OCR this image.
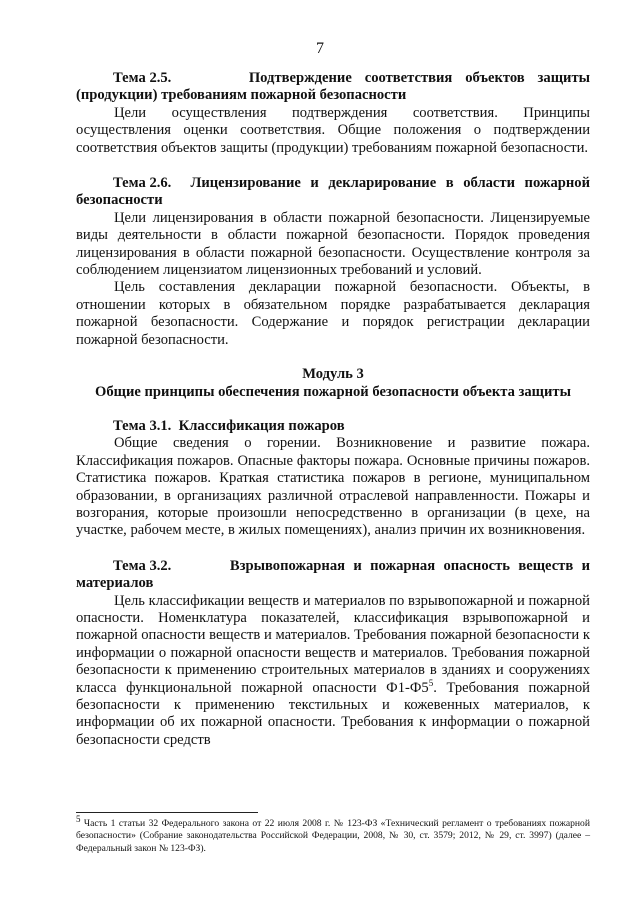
7
Тема 2.5.	Подтверждение соответствия объектов защиты (продукции) требованиям пожарной безопасности

Цели осуществления подтверждения соответствия. Принципы осуществления оценки соответствия. Общие положения о подтверждении соответствия объектов защиты (продукции) требованиям пожарной безопасности.

Тема 2.6. Лицензирование и декларирование в области пожарной безопасности

Цели лицензирования в области пожарной безопасности. Лицензируемые виды деятельности в области пожарной безопасности. Порядок проведения лицензирования в области пожарной безопасности. Осуществление контроля за соблюдением лицензиатом лицензионных требований и условий.

Цель составления декларации пожарной безопасности. Объекты, в отношении которых в обязательном порядке разрабатывается декларация пожарной безопасности. Содержание и порядок регистрации декларации пожарной безопасности.

Модуль 3

Общие принципы обеспечения пожарной безопасности объекта защиты

Тема 3.1. Классификация пожаров

Общие сведения о горении. Возникновение и развитие пожара. Классификация пожаров. Опасные факторы пожара. Основные причины пожаров. Статистика пожаров. Краткая статистика пожаров в регионе, муниципальном образовании, в организациях различной отраслевой направленности. Пожары и возгорания, которые произошли непосредственно в организации (в цехе, на участке, рабочем месте, в жилых помещениях), анализ причин их возникновения.

Тема 3.2.	Взрывопожарная и пожарная опасность веществ и материалов

Цель классификации веществ и материалов по взрывопожарной и пожарной опасности. Номенклатура показателей, классификация взрывопожарной и пожарной опасности веществ и материалов. Требования пожарной безопасности к информации о пожарной опасности веществ и материалов. Требования пожарной безопасности к применению строительных материалов в зданиях и сооружениях класса функциональной пожарной опасности $Ф1-Ф5^5$. Требования пожарной безопасности к применению текстильных и кожевенных материалов, к информации об их пожарной опасности. Требования к информации о пожарной безопасности средств

$^5$ Часть 1 статьи 32 Федерального закона от 22 июля 2008 г. № 123-ФЗ «Технический регламент о требованиях пожарной безопасности» (Собрание законодательства Российской Федерации, 2008, № 30, ст. 3579; 2012, № 29, ст. 3997) (далее – Федеральный закон № 123-ФЗ).
